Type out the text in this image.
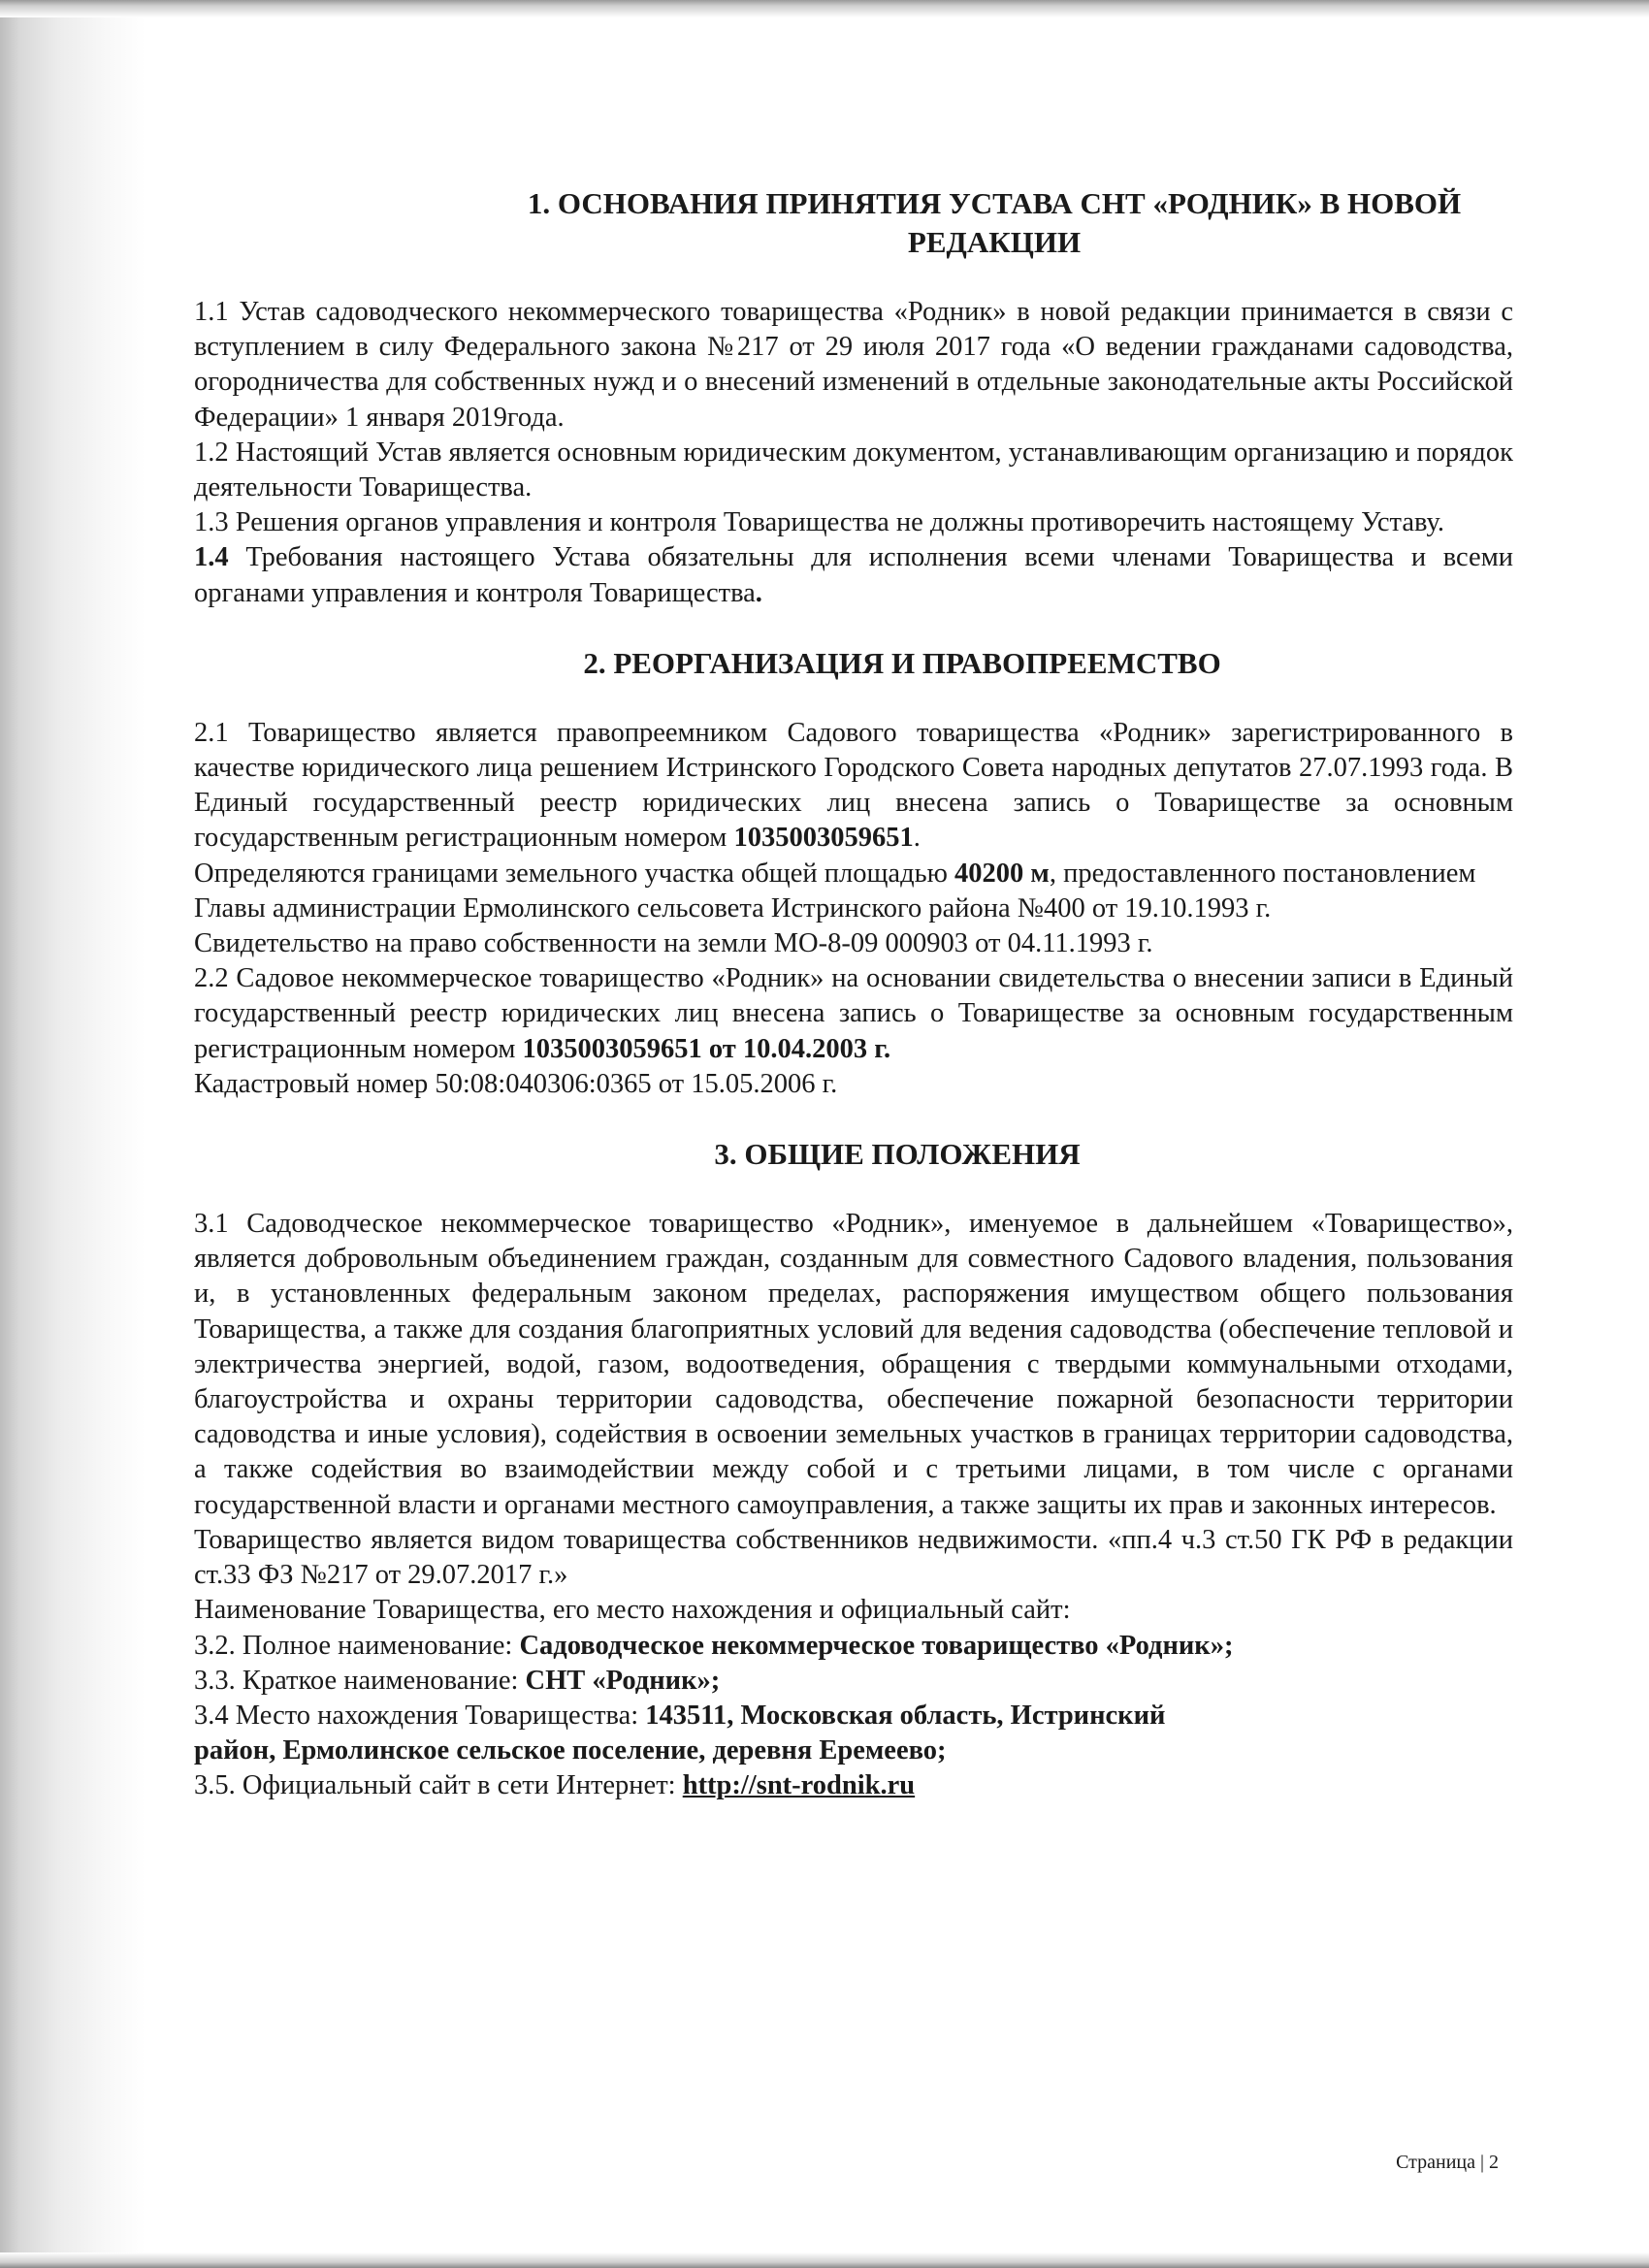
1. ОСНОВАНИЯ ПРИНЯТИЯ УСТАВА СНТ «РОДНИК» В НОВОЙ РЕДАКЦИИ

1.1 Устав садоводческого некоммерческого товарищества «Родник» в новой редакции принимается в связи с вступлением в силу Федерального закона №217 от 29 июля 2017 года «О ведении гражданами садоводства, огородничества для собственных нужд и о внесений изменений в отдельные законодательные акты Российской Федерации» 1 января 2019года.

1.2 Настоящий Устав является основным юридическим документом, устанавливающим организацию и порядок деятельности Товарищества.

1.3 Решения органов управления и контроля Товарищества не должны противоречить настоящему Уставу.

1.4 Требования настоящего Устава обязательны для исполнения всеми членами Товарищества и всеми органами управления и контроля Товарищества.

2. РЕОРГАНИЗАЦИЯ И ПРАВОПРЕЕМСТВО

2.1 Товарищество является правопреемником Садового товарищества «Родник» зарегистрированного в качестве юридического лица решением Истринского Городского Совета народных депутатов 27.07.1993 года. В Единый государственный реестр юридических лиц внесена запись о Товариществе за основным государственным регистрационным номером 1035003059651.

Определяются границами земельного участка общей площадью 40200 м, предоставленного постановлением Главы администрации Ермолинского сельсовета Истринского района №400 от 19.10.1993 г.

Свидетельство на право собственности на земли МО-8-09 000903 от 04.11.1993 г.

2.2 Садовое некоммерческое товарищество «Родник» на основании свидетельства о внесении записи в Единый государственный реестр юридических лиц внесена запись о Товариществе за основным государственным регистрационным номером 1035003059651 от 10.04.2003 г.

Кадастровый номер 50:08:040306:0365 от 15.05.2006 г.

3. ОБЩИЕ ПОЛОЖЕНИЯ

3.1 Садоводческое некоммерческое товарищество «Родник», именуемое в дальнейшем «Товарищество», является добровольным объединением граждан, созданным для совместного Садового владения, пользования и, в установленных федеральным законом пределах, распоряжения имуществом общего пользования Товарищества, а также для создания благоприятных условий для ведения садоводства (обеспечение тепловой и электричества энергией, водой, газом, водоотведения, обращения с твердыми коммунальными отходами, благоустройства и охраны территории садоводства, обеспечение пожарной безопасности территории садоводства и иные условия), содействия в освоении земельных участков в границах территории садоводства, а также содействия во взаимодействии между собой и с третьими лицами, в том числе с органами государственной власти и органами местного самоуправления, а также защиты их прав и законных интересов.

Товарищество является видом товарищества собственников недвижимости. «пп.4 ч.3 ст.50 ГК РФ в редакции ст.33 ФЗ №217 от 29.07.2017 г.»

Наименование Товарищества, его место нахождения и официальный сайт:

3.2. Полное наименование: Садоводческое некоммерческое товарищество «Родник»;

3.3. Краткое наименование: СНТ «Родник»;

3.4 Место нахождения Товарищества: 143511, Московская область, Истринский
район, Ермолинское сельское поселение, деревня Еремеево;

3.5. Официальный сайт в сети Интернет: http://snt-rodnik.ru

Страница | 2
